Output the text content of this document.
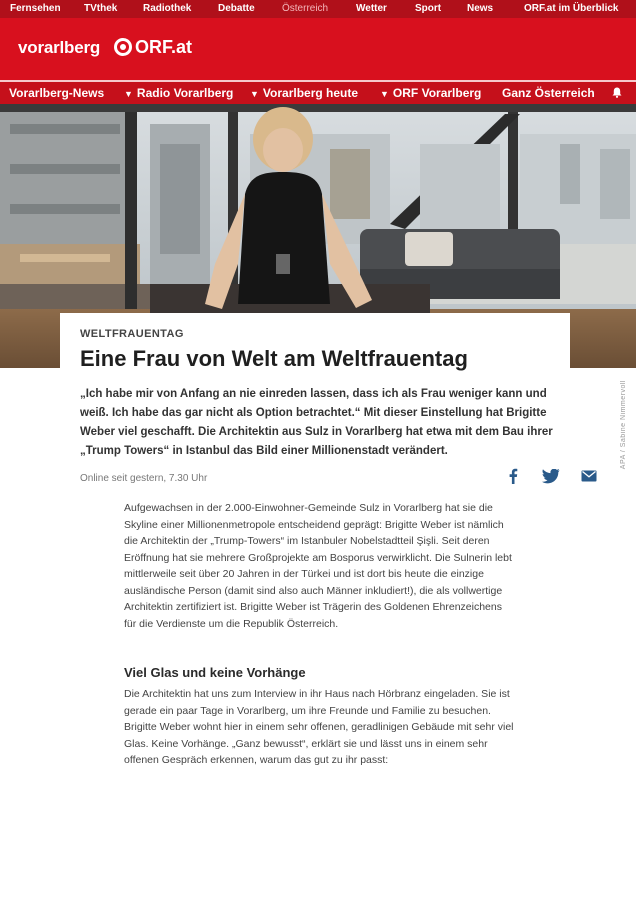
Fernsehen TVthek	Radiothek	Debatte	Österreich	Wetter	Sport	News	ORF.at im Überblick
vorarlberg ORF.at
Vorarlberg-News ▼ Radio Vorarlberg ▼ Vorarlberg heute ▼ ORF Vorarlberg Ganz Österreich
WELTFRAUENTAG
Eine Frau von Welt am Weltfrauentag

„Ich habe mir von Anfang an nie einreden lassen, dass ich als Frau weniger kann und weiß. Ich habe das gar nicht als Option betrachtet.“ Mit dieser Einstellung hat Brigitte Weber viel geschafft. Die Architektin aus Sulz in Vorarlberg hat etwa mit dem Bau ihrer „Trump Towers“ in Istanbul das Bild einer Millionenstadt verändert.	APA / Sabine Nimmervoll
Online seit gestern, 7.30 Uhr

Aufgewachsen in der 2.000-Einwohner-Gemeinde Sulz in Vorarlberg hat sie die Skyline einer Millionenmetropole entscheidend geprägt: Brigitte Weber ist nämlich die Architektin der „Trump-Towers“ im Istanbuler Nobelstadtteil Şişli. Seit deren Eröffnung hat sie mehrere Großprojekte am Bosporus verwirklicht. Die Sulnerin lebt mittlerweile seit über 20 Jahren in der Türkei und ist dort bis heute die einzige ausländische Person (damit sind also auch Männer inkludiert!), die als vollwertige Architektin zertifiziert ist. Brigitte Weber ist Trägerin des Goldenen Ehrenzeichens für die Verdienste um die Republik Österreich.

Viel Glas und keine Vorhänge

Die Architektin hat uns zum Interview in ihr Haus nach Hörbranz eingeladen. Sie ist gerade ein paar Tage in Vorarlberg, um ihre Freunde und Familie zu besuchen. Brigitte Weber wohnt hier in einem sehr offenen, geradlinigen Gebäude mit sehr viel Glas. Keine Vorhänge. „Ganz bewusst“, erklärt sie und lässt uns in einem sehr offenen Gespräch erkennen, warum das gut zu ihr passt:
